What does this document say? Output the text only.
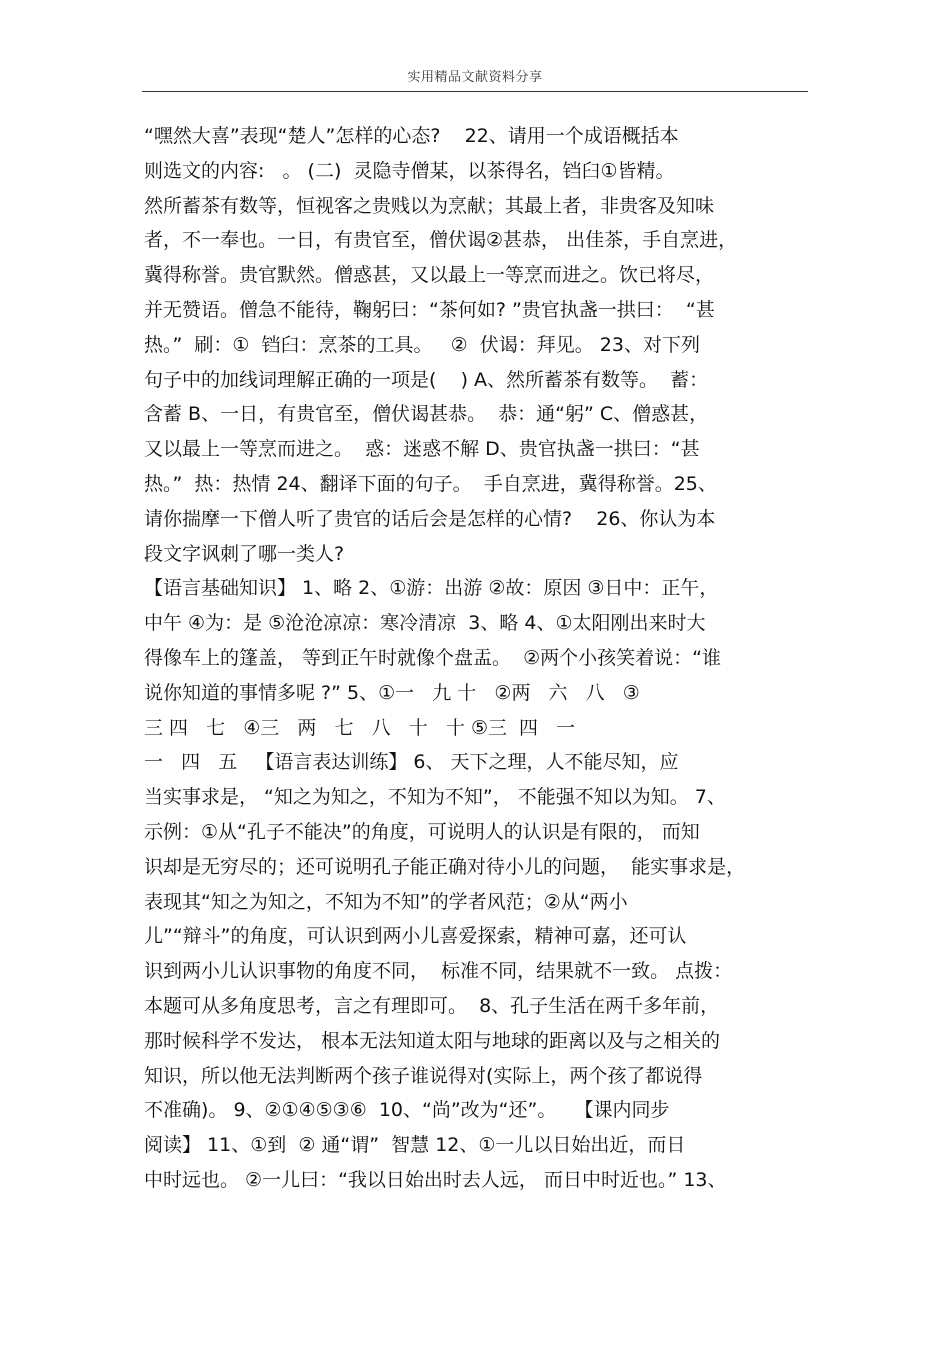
实用精品文献资料分享
“嘿然大喜”表现“楚人”怎样的心态?    22、请用一个成语概括本
则选文的内容:   。 (二)  灵隐寺僧某，以茶得名，铛臼①皆精。
然所蓄茶有数等，恒视客之贵贱以为烹献；其最上者，非贵客及知味
者，不一奉也。一日，有贵官至，僧伏谒②甚恭， 出佳茶，手自烹进，
冀得称誉。贵官默然。僧惑甚，又以最上一等烹而进之。饮已将尽，
并无赞语。僧急不能待，鞠躬曰：“茶何如? ”贵官执盏一拱曰：  “甚
热。”  刷：①  铛臼：烹茶的工具。   ②  伏谒：拜见。 23、对下列
句子中的加线词理解正确的一项是(    ) A、然所蓄茶有数等。  蓄：
含蓄 B、一日，有贵官至，僧伏谒甚恭。  恭：通“躬” C、僧惑甚，
又以最上一等烹而进之。  惑：迷惑不解 D、贵官执盏一拱曰：“甚
热。”  热：热情 24、翻译下面的句子。  手自烹进，冀得称誉。25、
请你揣摩一下僧人听了贵官的话后会是怎样的心情?    26、你认为本
段文字讽刺了哪一类人?
【语言基础知识】 1、略 2、①游：出游 ②故：原因 ③日中：正午，
中午 ④为：是 ⑤沧沧凉凉：寒冷清凉  3、略 4、①太阳刚出来时大
得像车上的篷盖， 等到正午时就像个盘盂。  ②两个小孩笑着说：“谁
说你知道的事情多呢 ?” 5、①一   九 十   ②两   六   八   ③
三 四   七   ④三   两   七   八   十   十 ⑤三  四   一
一   四   五   【语言表达训练】 6、 天下之理，人不能尽知，应
当实事求是， “知之为知之，不知为不知”， 不能强不知以为知。 7、
示例：①从“孔子不能决”的角度，可说明人的认识是有限的， 而知
识却是无穷尽的；还可说明孔子能正确对待小儿的问题，  能实事求是，
表现其“知之为知之，不知为不知”的学者风范；②从“两小
儿”“辩斗”的角度，可认识到两小儿喜爱探索，精神可嘉，还可认
识到两小儿认识事物的角度不同，  标准不同，结果就不一致。 点拨：
本题可从多角度思考，言之有理即可。  8、孔子生活在两千多年前，
那时候科学不发达， 根本无法知道太阳与地球的距离以及与之相关的
知识，所以他无法判断两个孩子谁说得对(实际上，两个孩了都说得
不准确)。 9、②①④⑤③⑥  10、“尚”改为“还”。   【课内同步
阅读】 11、①到  ② 通“谓”  智慧 12、①一儿以日始出近，而日
中时远也。 ②一儿曰：“我以日始出时去人远， 而日中时近也。” 13、
